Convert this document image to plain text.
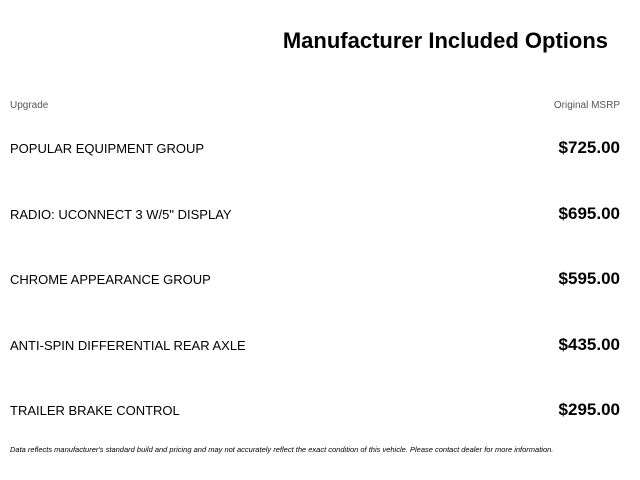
Manufacturer Included Options
Upgrade	Original MSRP
POPULAR EQUIPMENT GROUP	$725.00
RADIO: UCONNECT 3 W/5" DISPLAY	$695.00
CHROME APPEARANCE GROUP	$595.00
ANTI-SPIN DIFFERENTIAL REAR AXLE	$435.00
TRAILER BRAKE CONTROL	$295.00
Data reflects manufacturer's standard build and pricing and may not accurately reflect the exact condition of this vehicle. Please contact dealer for more information.
